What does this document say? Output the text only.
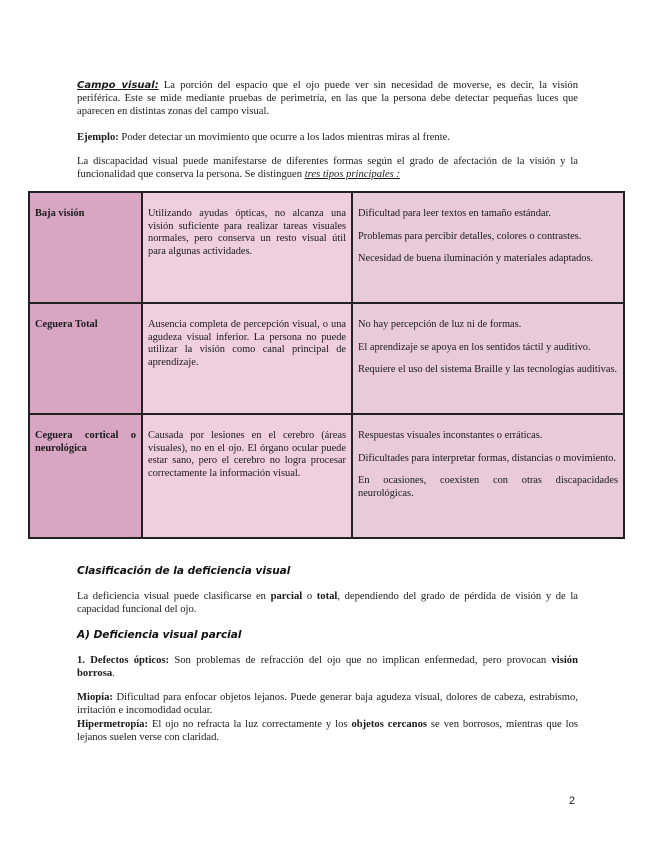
Campo visual: La porción del espacio que el ojo puede ver sin necesidad de moverse, es decir, la visión periférica. Este se mide mediante pruebas de perimetría, en las que la persona debe detectar pequeñas luces que aparecen en distintas zonas del campo visual.

Ejemplo: Poder detectar un movimiento que ocurre a los lados mientras miras al frente.

La discapacidad visual puede manifestarse de diferentes formas según el grado de afectación de la visión y la funcionalidad que conserva la persona. Se distinguen tres tipos principales :

Baja visión	Utilizando ayudas ópticas, no alcanza una visión suficiente para realizar tareas visuales normales, pero conserva un resto visual útil para algunas actividades.	Dificultad para leer textos en tamaño estándar.

Problemas para percibir detalles, colores o contrastes.

Necesidad de buena iluminación y materiales adaptados.

Ceguera Total	Ausencia completa de percepción visual, o una agudeza visual inferior. La persona no puede utilizar la visión como canal principal de aprendizaje.	No hay percepción de luz ni de formas.

El aprendizaje se apoya en los sentidos táctil y auditivo.

Requiere el uso del sistema Braille y las tecnologías auditivas.

Ceguera cortical o neurológica	Causada por lesiones en el cerebro (áreas visuales), no en el ojo. El órgano ocular puede estar sano, pero el cerebro no logra procesar correctamente la información visual.	Respuestas visuales inconstantes o erráticas.

Dificultades para interpretar formas, distancias o movimiento.

En ocasiones, coexisten con otras discapacidades neurológicas.

Clasificación de la deficiencia visual

La deficiencia visual puede clasificarse en parcial o total, dependiendo del grado de pérdida de visión y de la capacidad funcional del ojo.

A) Deficiencia visual parcial

1. Defectos ópticos: Son problemas de refracción del ojo que no implican enfermedad, pero provocan visión borrosa.

Miopía: Dificultad para enfocar objetos lejanos. Puede generar baja agudeza visual, dolores de cabeza, estrabismo, irritación e incomodidad ocular.

Hipermetropía: El ojo no refracta la luz correctamente y los objetos cercanos se ven borrosos, mientras que los lejanos suelen verse con claridad.

2
